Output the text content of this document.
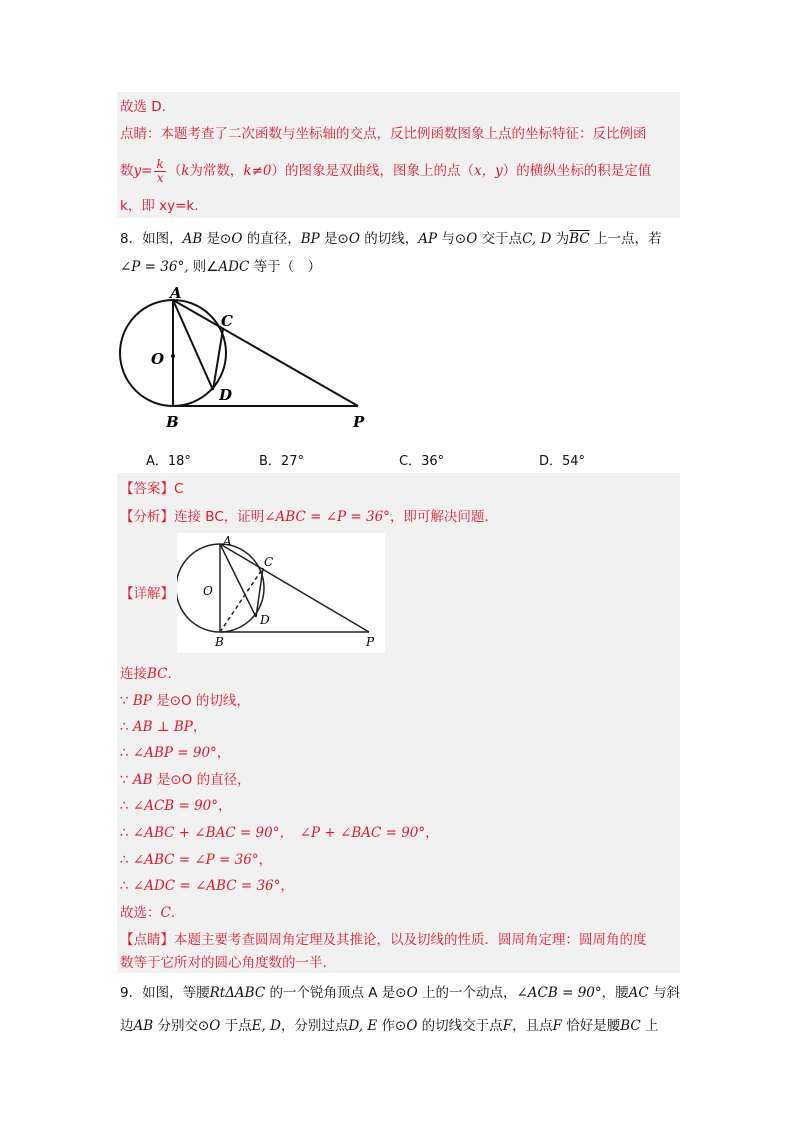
故选 D.
点睛：本题考查了二次函数与坐标轴的交点，反比例函数图象上点的坐标特征：反比例函
数$y= \frac{k}{x} (k$为常数，k≠0）的图象是双曲线，图象上的点（x，y）的横纵坐标的积是定值
k，即 xy=k.
8．如图，AB 是⊙O 的直径，BP 是⊙O 的切线，AP 与⊙O 交于点C, D 为$\overline{BC}$ 上一点，若
∠P = 36°, 则∠ADC 等于（　）
A
C
O
D
B	P
A．18°	B．27°	C．36°	D．54°
【答案】C
【分析】连接 BC，证明∠ABC = ∠P = 36°，即可解决问题.
【详解】
A
C
O
D
B	P
连接BC.
∵ BP 是⊙O 的切线，
∴ AB ⊥ BP，
∴ ∠ABP = 90°，
∵ AB 是⊙O 的直径，
∴ ∠ACB = 90°，
∴ ∠ABC + ∠BAC = 90°，　∠P + ∠BAC = 90°，
∴ ∠ABC = ∠P = 36°，
∴ ∠ADC = ∠ABC = 36°，
故选：C.
【点睛】本题主要考查圆周角定理及其推论，以及切线的性质．圆周角定理：圆周角的度
数等于它所对的圆心角度数的一半.
9．如图，等腰RtΔABC 的一个锐角顶点 A 是⊙O 上的一个动点，∠ACB = 90°，腰AC 与斜
边AB 分别交⊙O 于点E, D，分别过点D, E 作⊙O 的切线交于点F，且点F 恰好是腰BC 上
